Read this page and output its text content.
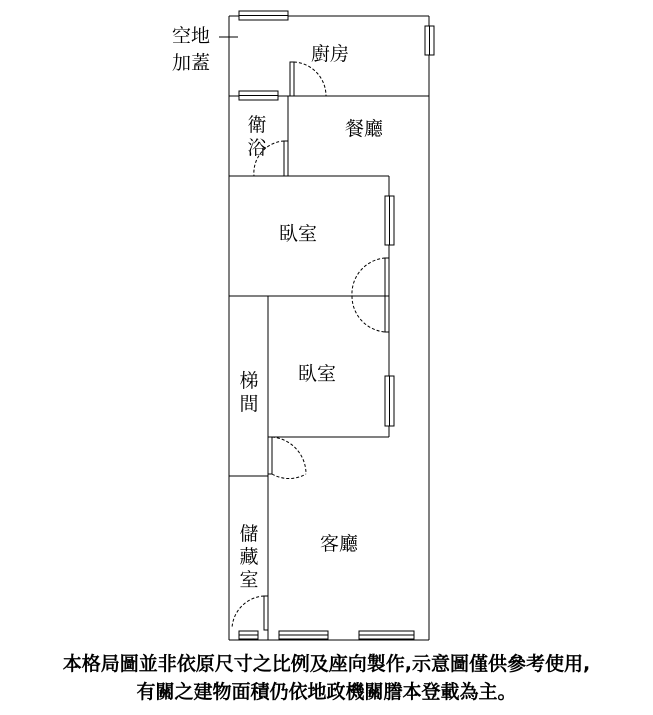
空地
加蓋	廚房
衛浴
餐廳
臥室
梯間
臥室
儲藏室
客廳
本格局圖並非依原尺寸之比例及座向製作,示意圖僅供參考使用,
有關之建物面積仍依地政機關謄本登載為主。
